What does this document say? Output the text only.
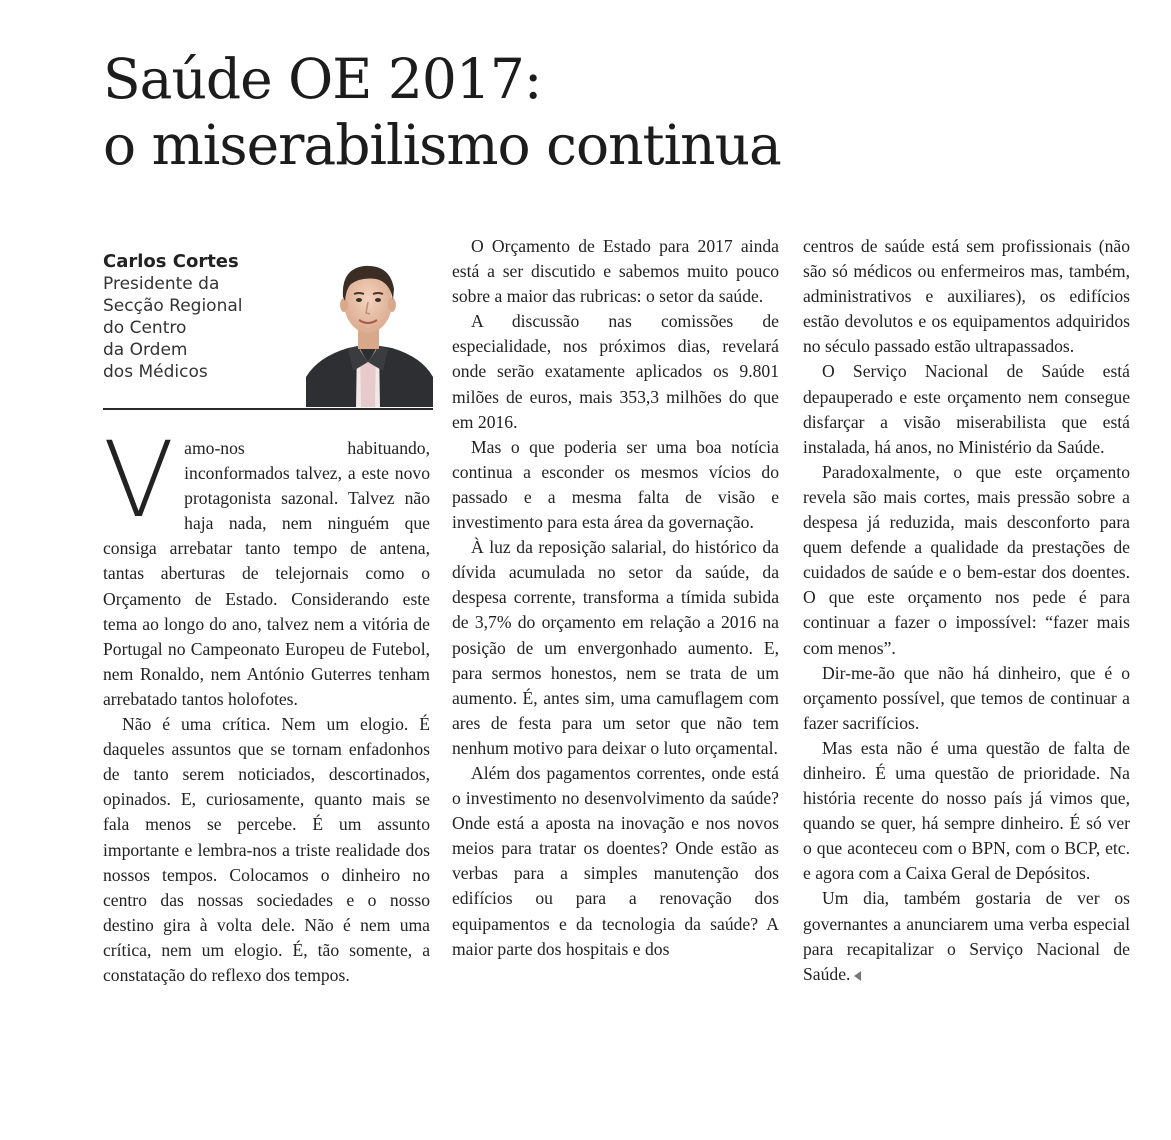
Saúde OE 2017:
o miserabilismo continua

Carlos Cortes

Presidente da

Secção Regional

do Centro

da Ordem

dos Médicos

Vamo-nos habituando, inconformados talvez, a este novo protagonista sazonal. Talvez não haja nada, nem ninguém que consiga arrebatar tanto tempo de antena, tantas aberturas de telejornais como o Orçamento de Estado. Considerando este tema ao longo do ano, talvez nem a vitória de Portugal no Campeonato Europeu de Futebol, nem Ronaldo, nem António Guterres tenham arrebatado tantos holofotes.

Não é uma crítica. Nem um elogio. É daqueles assuntos que se tornam enfadonhos de tanto serem noticiados, descortinados, opinados. E, curiosamente, quanto mais se fala menos se percebe. É um assunto importante e lembra-nos a triste realidade dos nossos tempos. Colocamos o dinheiro no centro das nossas sociedades e o nosso destino gira à volta dele. Não é nem uma crítica, nem um elogio. É, tão somente, a constatação do reflexo dos tempos.

O Orçamento de Estado para 2017 ainda está a ser discutido e sabemos muito pouco sobre a maior das rubricas: o setor da saúde.

A discussão nas comissões de especialidade, nos próximos dias, revelará onde serão exatamente aplicados os 9.801 milões de euros, mais 353,3 milhões do que em 2016.

Mas o que poderia ser uma boa notícia continua a esconder os mesmos vícios do passado e a mesma falta de visão e investimento para esta área da governação.

À luz da reposição salarial, do histórico da dívida acumulada no setor da saúde, da despesa corrente, transforma a tímida subida de 3,7% do orçamento em relação a 2016 na posição de um envergonhado aumento. E, para sermos honestos, nem se trata de um aumento. É, antes sim, uma camuflagem com ares de festa para um setor que não tem nenhum motivo para deixar o luto orçamental.

Além dos pagamentos correntes, onde está o investimento no desenvolvimento da saúde? Onde está a aposta na inovação e nos novos meios para tratar os doentes? Onde estão as verbas para a simples manutenção dos edifícios ou para a renovação dos equipamentos e da tecnologia da saúde? A maior parte dos hospitais e dos

centros de saúde está sem profissionais (não são só médicos ou enfermeiros mas, também, administrativos e auxiliares), os edifícios estão devolutos e os equipamentos adquiridos no século passado estão ultrapassados.

O Serviço Nacional de Saúde está depauperado e este orçamento nem consegue disfarçar a visão miserabilista que está instalada, há anos, no Ministério da Saúde.

Paradoxalmente, o que este orçamento revela são mais cortes, mais pressão sobre a despesa já reduzida, mais desconforto para quem defende a qualidade da prestações de cuidados de saúde e o bem-estar dos doentes. O que este orçamento nos pede é para continuar a fazer o impossível: “fazer mais com menos”.

Dir-me-ão que não há dinheiro, que é o orçamento possível, que temos de continuar a fazer sacrifícios.

Mas esta não é uma questão de falta de dinheiro. É uma questão de prioridade. Na história recente do nosso país já vimos que, quando se quer, há sempre dinheiro. É só ver o que aconteceu com o BPN, com o BCP, etc. e agora com a Caixa Geral de Depósitos.

Um dia, também gostaria de ver os governantes a anunciarem uma verba especial para recapitalizar o Serviço Nacional de Saúde.
